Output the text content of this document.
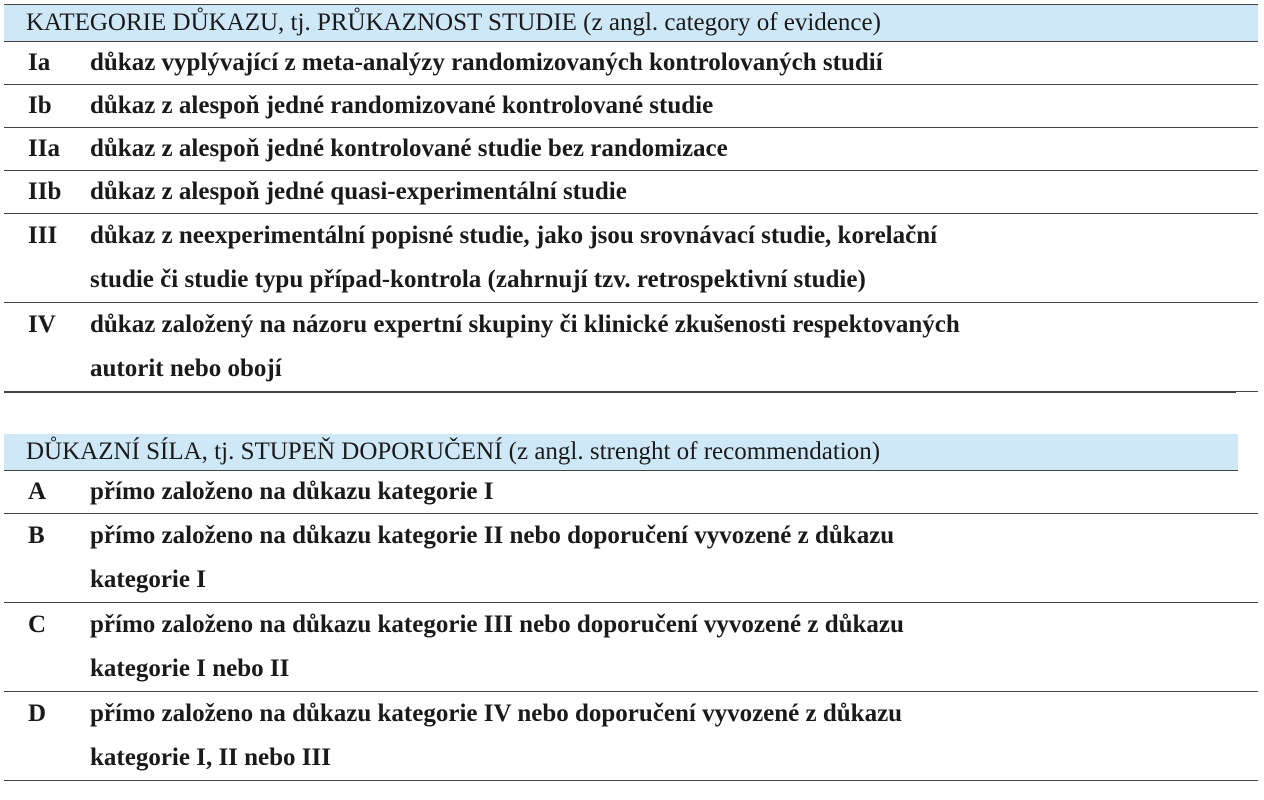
KATEGORIE DŮKAZU, tj. PRŮKAZNOST STUDIE
(z angl. category of evidence)
Ia	důkaz vyplývající z meta-analýzy randomizovaných kontrolovaných studií
Ib	důkaz z alespoň jedné randomizované kontrolované studie
IIa	důkaz z alespoň jedné kontrolované studie bez randomizace
IIb	důkaz z alespoň jedné quasi-experimentální studie
III	důkaz z neexperimentální popisné studie, jako jsou srovnávací studie, korelační
studie či studie typu případ-kontrola (zahrnují tzv. retrospektivní studie)
IV	důkaz založený na názoru expertní skupiny či klinické zkušenosti respektovaných
autorit nebo obojí
DŮKAZNÍ SÍLA, tj. STUPEŇ DOPORUČENÍ
(z angl. strenght of recommendation)
A	přímo založeno na důkazu kategorie I
B	přímo založeno na důkazu kategorie II nebo doporučení vyvozené z důkazu
kategorie I
C	přímo založeno na důkazu kategorie III nebo doporučení vyvozené z důkazu
kategorie I nebo II
D	přímo založeno na důkazu kategorie IV nebo doporučení vyvozené z důkazu
kategorie I, II nebo III
